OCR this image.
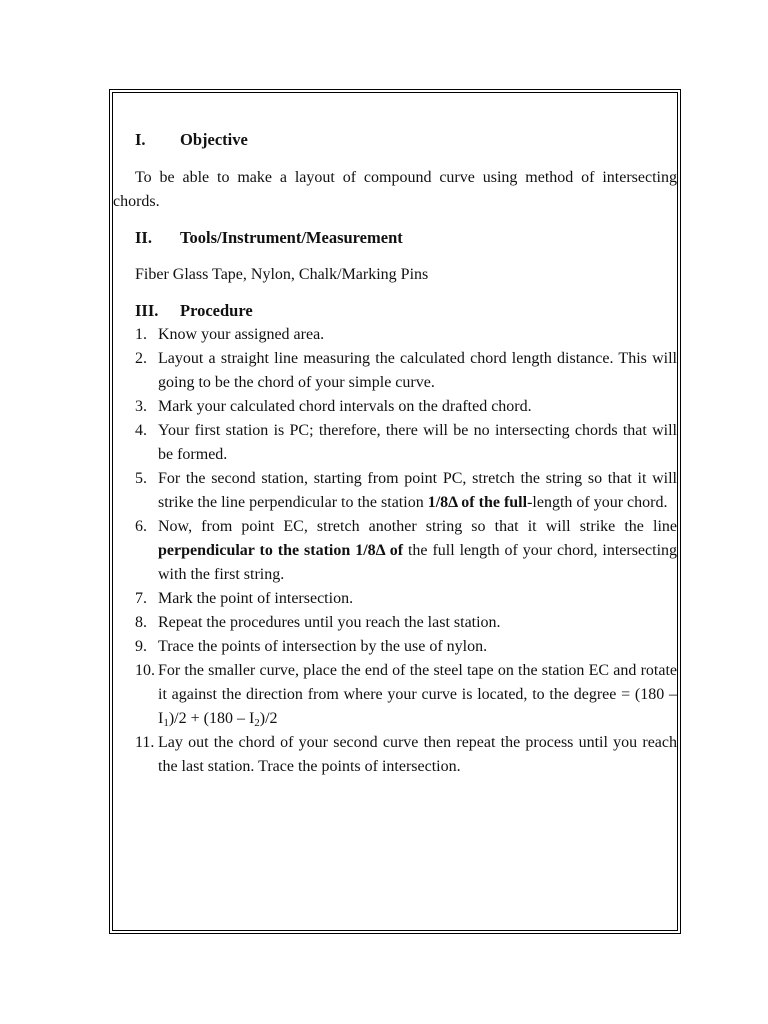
I.	Objective
To be able to make a layout of compound curve using method of intersecting chords.
II.	Tools/Instrument/Measurement
Fiber Glass Tape, Nylon, Chalk/Marking Pins
III.	Procedure
1. Know your assigned area.
2. Layout a straight line measuring the calculated chord length distance. This will going to be the chord of your simple curve.
3. Mark your calculated chord intervals on the drafted chord.
4. Your first station is PC; therefore, there will be no intersecting chords that will be formed.
5. For the second station, starting from point PC, stretch the string so that it will strike the line perpendicular to the station 1/8Δ of the full-length of your chord.
6. Now, from point EC, stretch another string so that it will strike the line perpendicular to the station 1/8Δ of the full length of your chord, intersecting with the first string.
7. Mark the point of intersection.
8. Repeat the procedures until you reach the last station.
9. Trace the points of intersection by the use of nylon.
10. For the smaller curve, place the end of the steel tape on the station EC and rotate it against the direction from where your curve is located, to the degree = $(180 - I_1)/2 + (180 - I_2)/2$
11. Lay out the chord of your second curve then repeat the process until you reach the last station. Trace the points of intersection.
